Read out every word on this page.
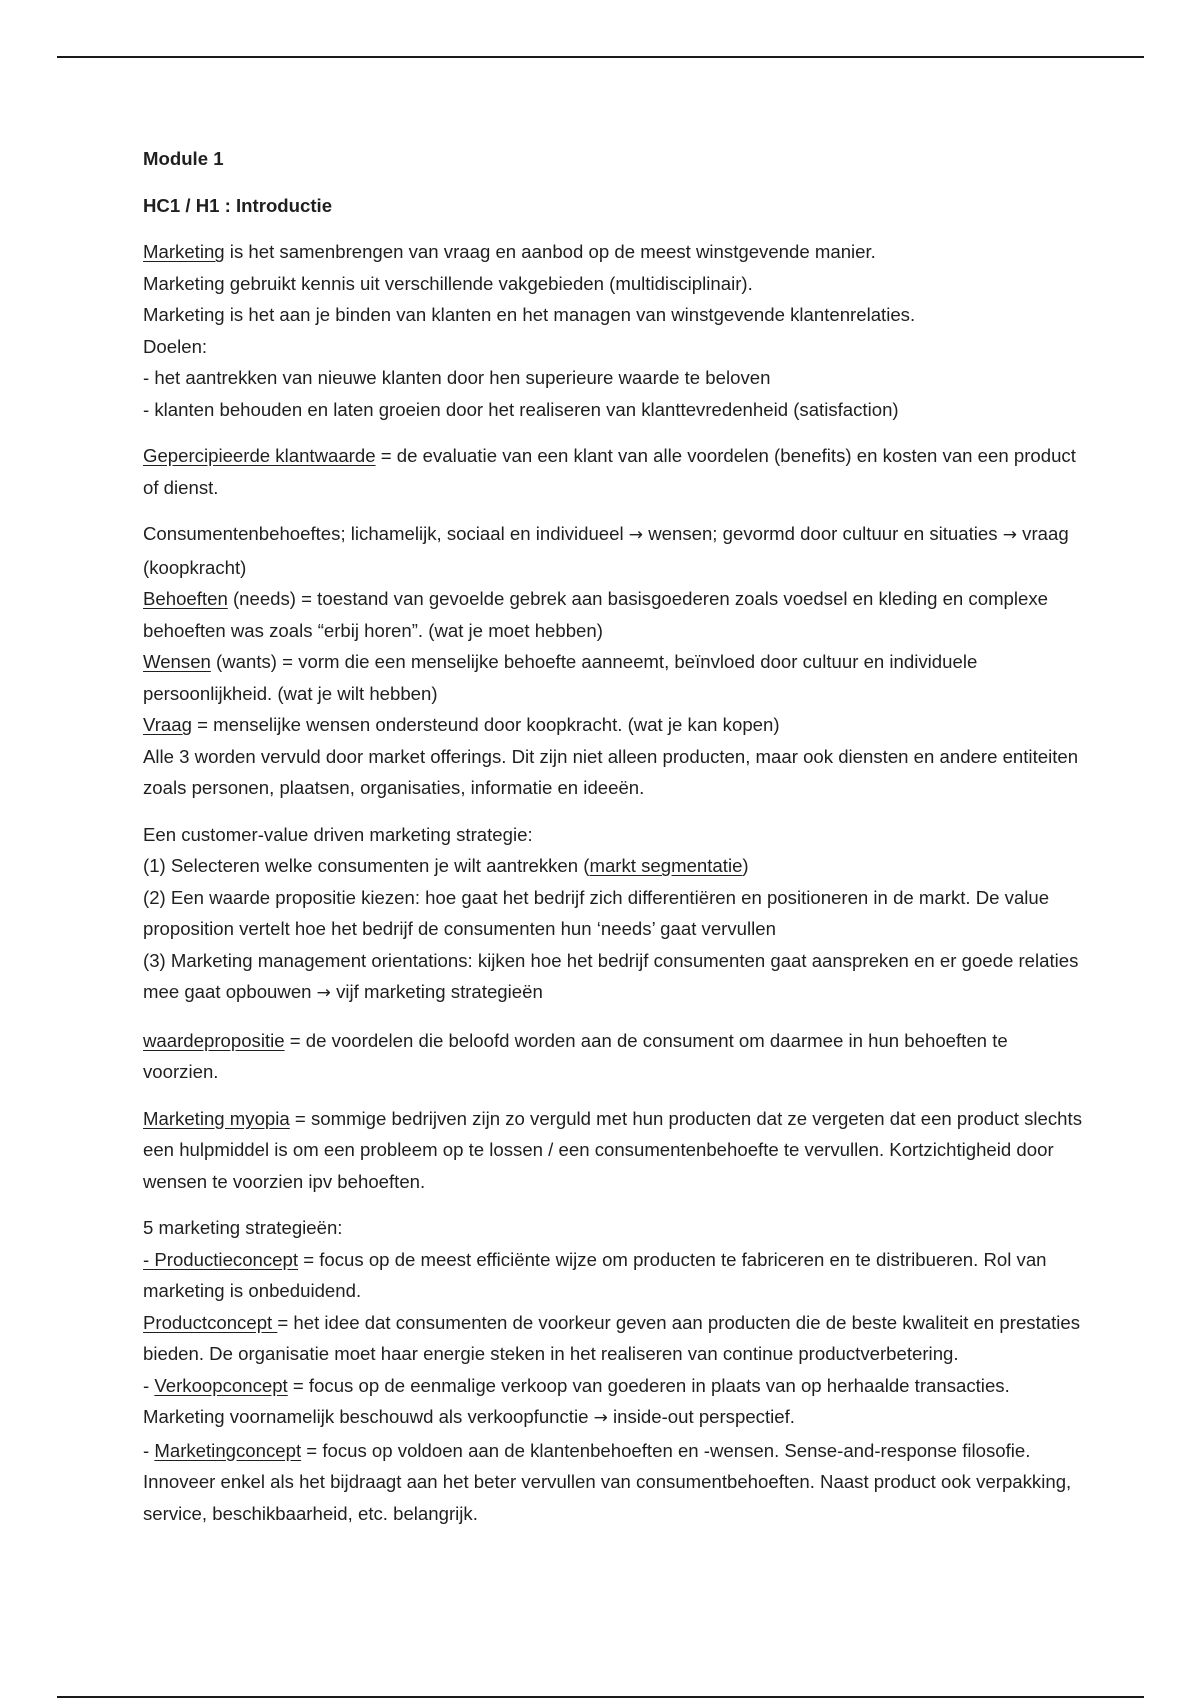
Module 1

HC1 / H1 : Introductie

Marketing is het samenbrengen van vraag en aanbod op de meest winstgevende manier.
Marketing gebruikt kennis uit verschillende vakgebieden (multidisciplinair).
Marketing is het aan je binden van klanten en het managen van winstgevende klantenrelaties.
Doelen:
- het aantrekken van nieuwe klanten door hen superieure waarde te beloven
- klanten behouden en laten groeien door het realiseren van klanttevredenheid (satisfaction)

Gepercipieerde klantwaarde = de evaluatie van een klant van alle voordelen (benefits) en kosten van een product of dienst.

Consumentenbehoeftes; lichamelijk, sociaal en individueel → wensen; gevormd door cultuur en situaties → vraag (koopkracht)
Behoeften (needs) = toestand van gevoelde gebrek aan basisgoederen zoals voedsel en kleding en complexe behoeften was zoals “erbij horen”. (wat je moet hebben)
Wensen (wants) = vorm die een menselijke behoefte aanneemt, beïnvloed door cultuur en individuele persoonlijkheid. (wat je wilt hebben)
Vraag = menselijke wensen ondersteund door koopkracht. (wat je kan kopen)
Alle 3 worden vervuld door market offerings. Dit zijn niet alleen producten, maar ook diensten en andere entiteiten zoals personen, plaatsen, organisaties, informatie en ideeën.

Een customer-value driven marketing strategie:
(1) Selecteren welke consumenten je wilt aantrekken (markt segmentatie)
(2) Een waarde propositie kiezen: hoe gaat het bedrijf zich differentiëren en positioneren in de markt. De value proposition vertelt hoe het bedrijf de consumenten hun ‘needs’ gaat vervullen
(3) Marketing management orientations: kijken hoe het bedrijf consumenten gaat aanspreken en er goede relaties mee gaat opbouwen → vijf marketing strategieën

waardepropositie = de voordelen die beloofd worden aan de consument om daarmee in hun behoeften te voorzien.

Marketing myopia = sommige bedrijven zijn zo verguld met hun producten dat ze vergeten dat een product slechts een hulpmiddel is om een probleem op te lossen / een consumentenbehoefte te vervullen. Kortzichtigheid door wensen te voorzien ipv behoeften.

5 marketing strategieën:
- Productieconcept = focus op de meest efficiënte wijze om producten te fabriceren en te distribueren. Rol van marketing is onbeduidend.
Productconcept = het idee dat consumenten de voorkeur geven aan producten die de beste kwaliteit en prestaties bieden. De organisatie moet haar energie steken in het realiseren van continue productverbetering.
- Verkoopconcept = focus op de eenmalige verkoop van goederen in plaats van op herhaalde transacties. Marketing voornamelijk beschouwd als verkoopfunctie → inside-out perspectief.
- Marketingconcept = focus op voldoen aan de klantenbehoeften en -wensen. Sense-and-response filosofie. Innoveer enkel als het bijdraagt aan het beter vervullen van consumentbehoeften. Naast product ook verpakking, service, beschikbaarheid, etc. belangrijk.
